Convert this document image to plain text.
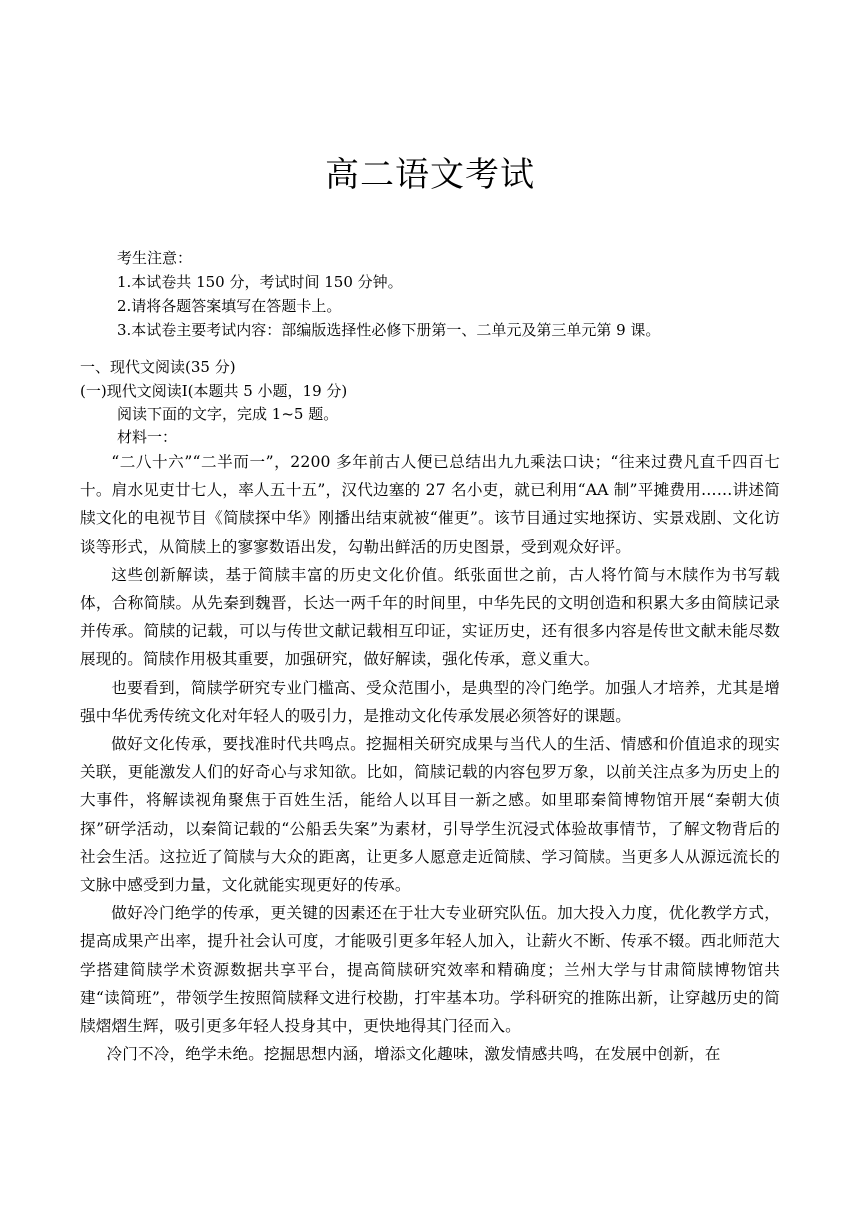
高二语文考试
考生注意：
1.本试卷共 150 分，考试时间 150 分钟。
2.请将各题答案填写在答题卡上。
3.本试卷主要考试内容：部编版选择性必修下册第一、二单元及第三单元第 9 课。
一、现代文阅读(35 分)
(一)现代文阅读Ⅰ(本题共 5 小题，19 分)
阅读下面的文字，完成 1~5 题。
材料一：

“二八十六”“二半而一”，2200 多年前古人便已总结出九九乘法口诀；“往来过费凡直千四百七十。肩水见吏廿七人，率人五十五”，汉代边塞的 27 名小吏，就已利用“AA 制”平摊费用……讲述简牍文化的电视节目《简牍探中华》刚播出结束就被“催更”。该节目通过实地探访、实景戏剧、文化访谈等形式，从简牍上的寥寥数语出发，勾勒出鲜活的历史图景，受到观众好评。

这些创新解读，基于简牍丰富的历史文化价值。纸张面世之前，古人将竹简与木牍作为书写载体，合称简牍。从先秦到魏晋，长达一两千年的时间里，中华先民的文明创造和积累大多由简牍记录并传承。简牍的记载，可以与传世文献记载相互印证，实证历史，还有很多内容是传世文献未能尽数展现的。简牍作用极其重要，加强研究，做好解读，强化传承，意义重大。

也要看到，简牍学研究专业门槛高、受众范围小，是典型的冷门绝学。加强人才培养，尤其是增强中华优秀传统文化对年轻人的吸引力，是推动文化传承发展必须答好的课题。

做好文化传承，要找准时代共鸣点。挖掘相关研究成果与当代人的生活、情感和价值追求的现实关联，更能激发人们的好奇心与求知欲。比如，简牍记载的内容包罗万象，以前关注点多为历史上的大事件，将解读视角聚焦于百姓生活，能给人以耳目一新之感。如里耶秦简博物馆开展“秦朝大侦探”研学活动，以秦简记载的“公船丢失案”为素材，引导学生沉浸式体验故事情节，了解文物背后的社会生活。这拉近了简牍与大众的距离，让更多人愿意走近简牍、学习简牍。当更多人从源远流长的文脉中感受到力量，文化就能实现更好的传承。

做好冷门绝学的传承，更关键的因素还在于壮大专业研究队伍。加大投入力度，优化教学方式，提高成果产出率，提升社会认可度，才能吸引更多年轻人加入，让薪火不断、传承不辍。西北师范大学搭建简牍学术资源数据共享平台，提高简牍研究效率和精确度；兰州大学与甘肃简牍博物馆共建“读简班”，带领学生按照简牍释文进行校勘，打牢基本功。学科研究的推陈出新，让穿越历史的简牍熠熠生辉，吸引更多年轻人投身其中，更快地得其门径而入。

冷门不冷，绝学未绝。挖掘思想内涵，增添文化趣味，激发情感共鸣，在发展中创新，在
